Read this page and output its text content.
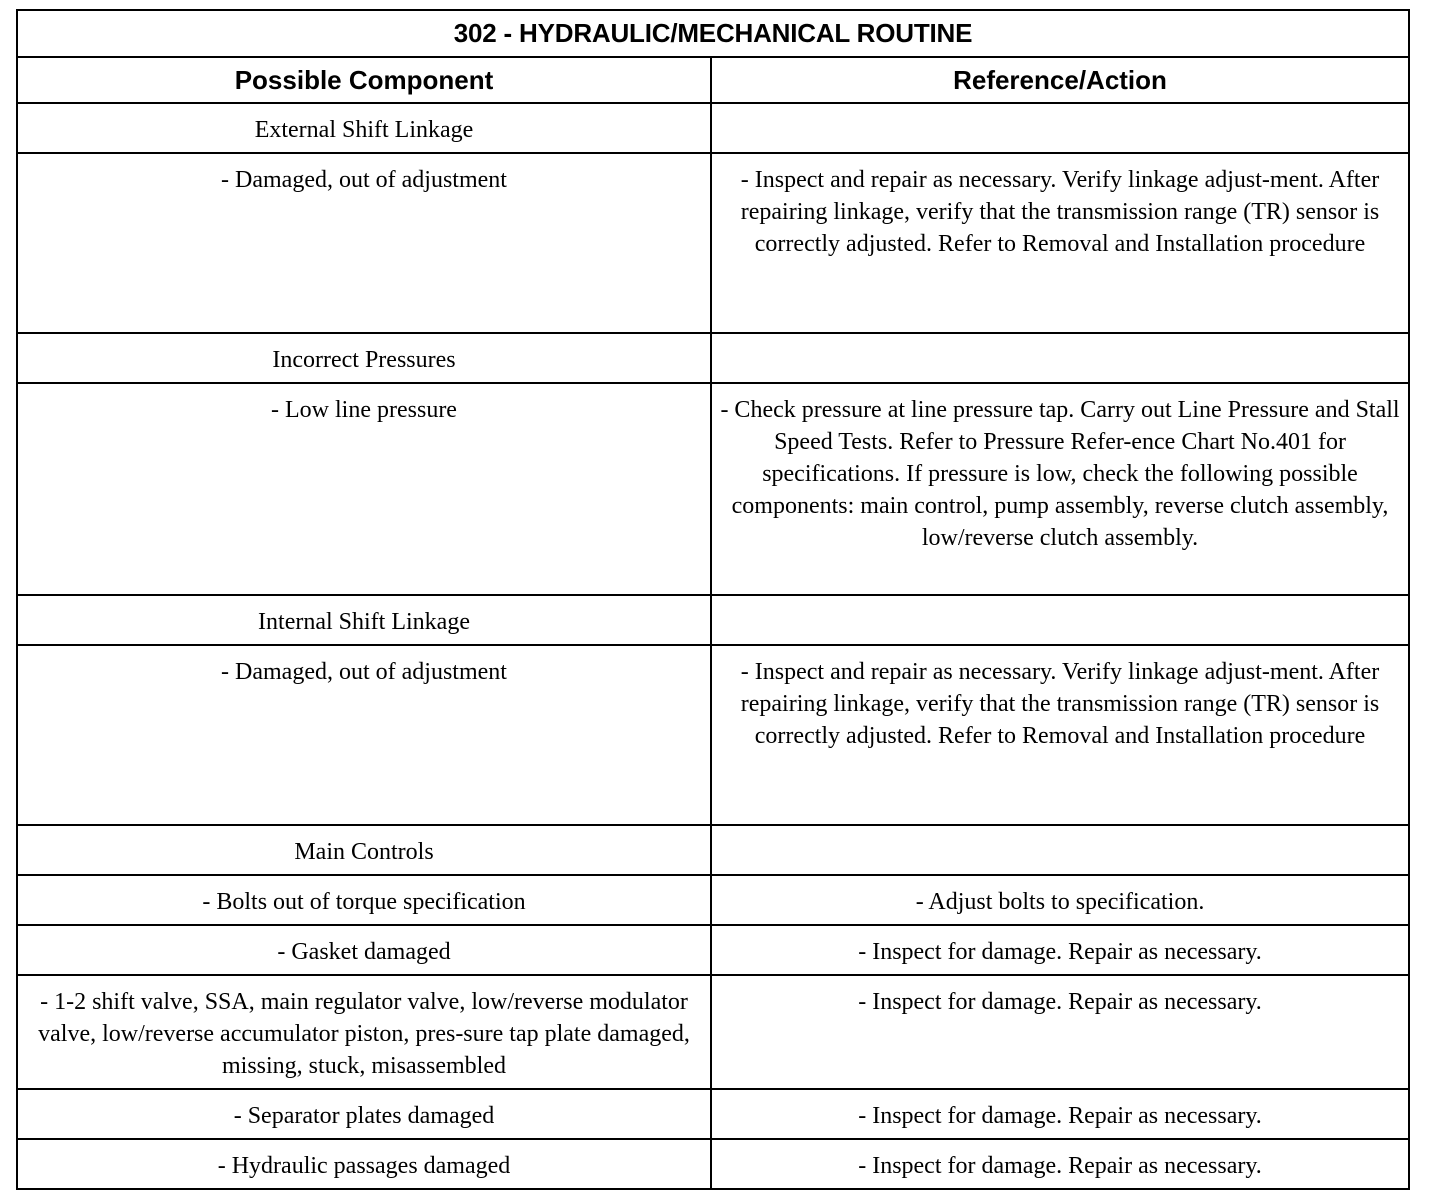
302 - HYDRAULIC/MECHANICAL ROUTINE	
Possible Component	Reference/Action
External Shift Linkage	
- Damaged, out of adjustment	- Inspect and repair as necessary. Verify linkage adjust-ment. After repairing linkage, verify that the transmission range (TR) sensor is correctly adjusted. Refer to Removal and Installation procedure
Incorrect Pressures	
- Low line pressure	- Check pressure at line pressure tap. Carry out Line Pressure and Stall Speed Tests. Refer to Pressure Refer-ence Chart No.401 for specifications. If pressure is low, check the following possible components: main control, pump assembly, reverse clutch assembly, low/reverse clutch assembly.
Internal Shift Linkage	
- Damaged, out of adjustment	- Inspect and repair as necessary. Verify linkage adjust-ment. After repairing linkage, verify that the transmission range (TR) sensor is correctly adjusted. Refer to Removal and Installation procedure
Main Controls	
- Bolts out of torque specification	- Adjust bolts to specification.
- Gasket damaged	- Inspect for damage. Repair as necessary.
- 1-2 shift valve, SSA, main regulator valve, low/reverse modulator valve, low/reverse accumulator piston, pres-sure tap plate damaged, missing, stuck, misassembled	- Inspect for damage. Repair as necessary.
- Separator plates damaged	- Inspect for damage. Repair as necessary.
- Hydraulic passages damaged	- Inspect for damage. Repair as necessary.
